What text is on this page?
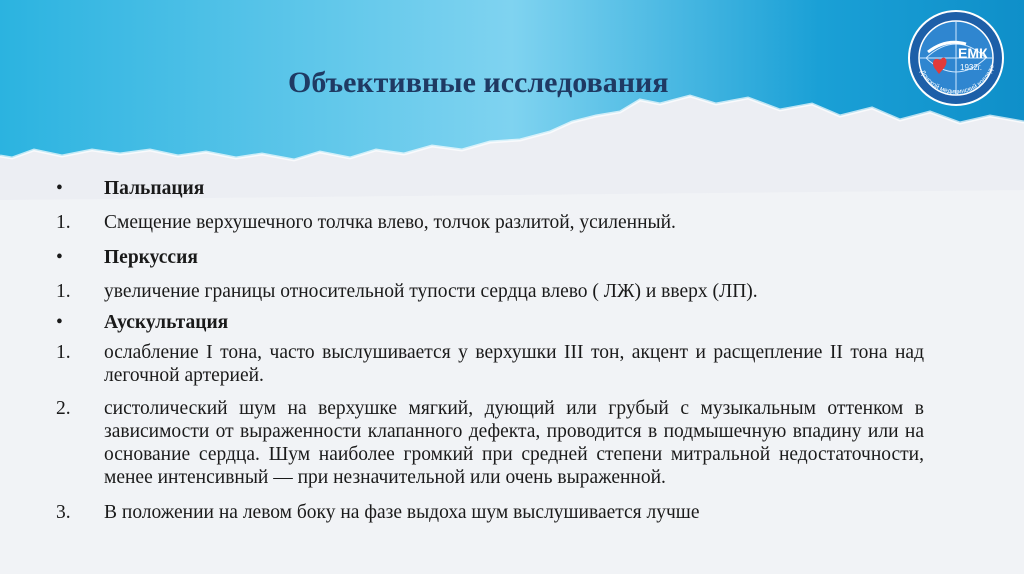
Объективные исследования
ЕМК
1932г.
Донской медицинский колледж
•	Пальпация
1.	Смещение верхушечного толчка влево, толчок разлитой, усиленный.
•	Перкуссия
1.	увеличение границы относительной тупости сердца влево ( ЛЖ) и вверх (ЛП).
•	Аускультация
1.	ослабление I тона, часто выслушивается у верхушки III тон, акцент и расщепление II тона над легочной артерией.
2.	систолический шум на верхушке мягкий, дующий или грубый с музыкальным оттенком в зависимости от выраженности клапанного дефекта, проводится в подмышечную впадину или на основание сердца. Шум наиболее громкий при средней степени митральной недостаточности, менее интенсивный — при незначительной или очень выраженной.
3.	В положении на левом боку на фазе выдоха шум выслушивается лучше
